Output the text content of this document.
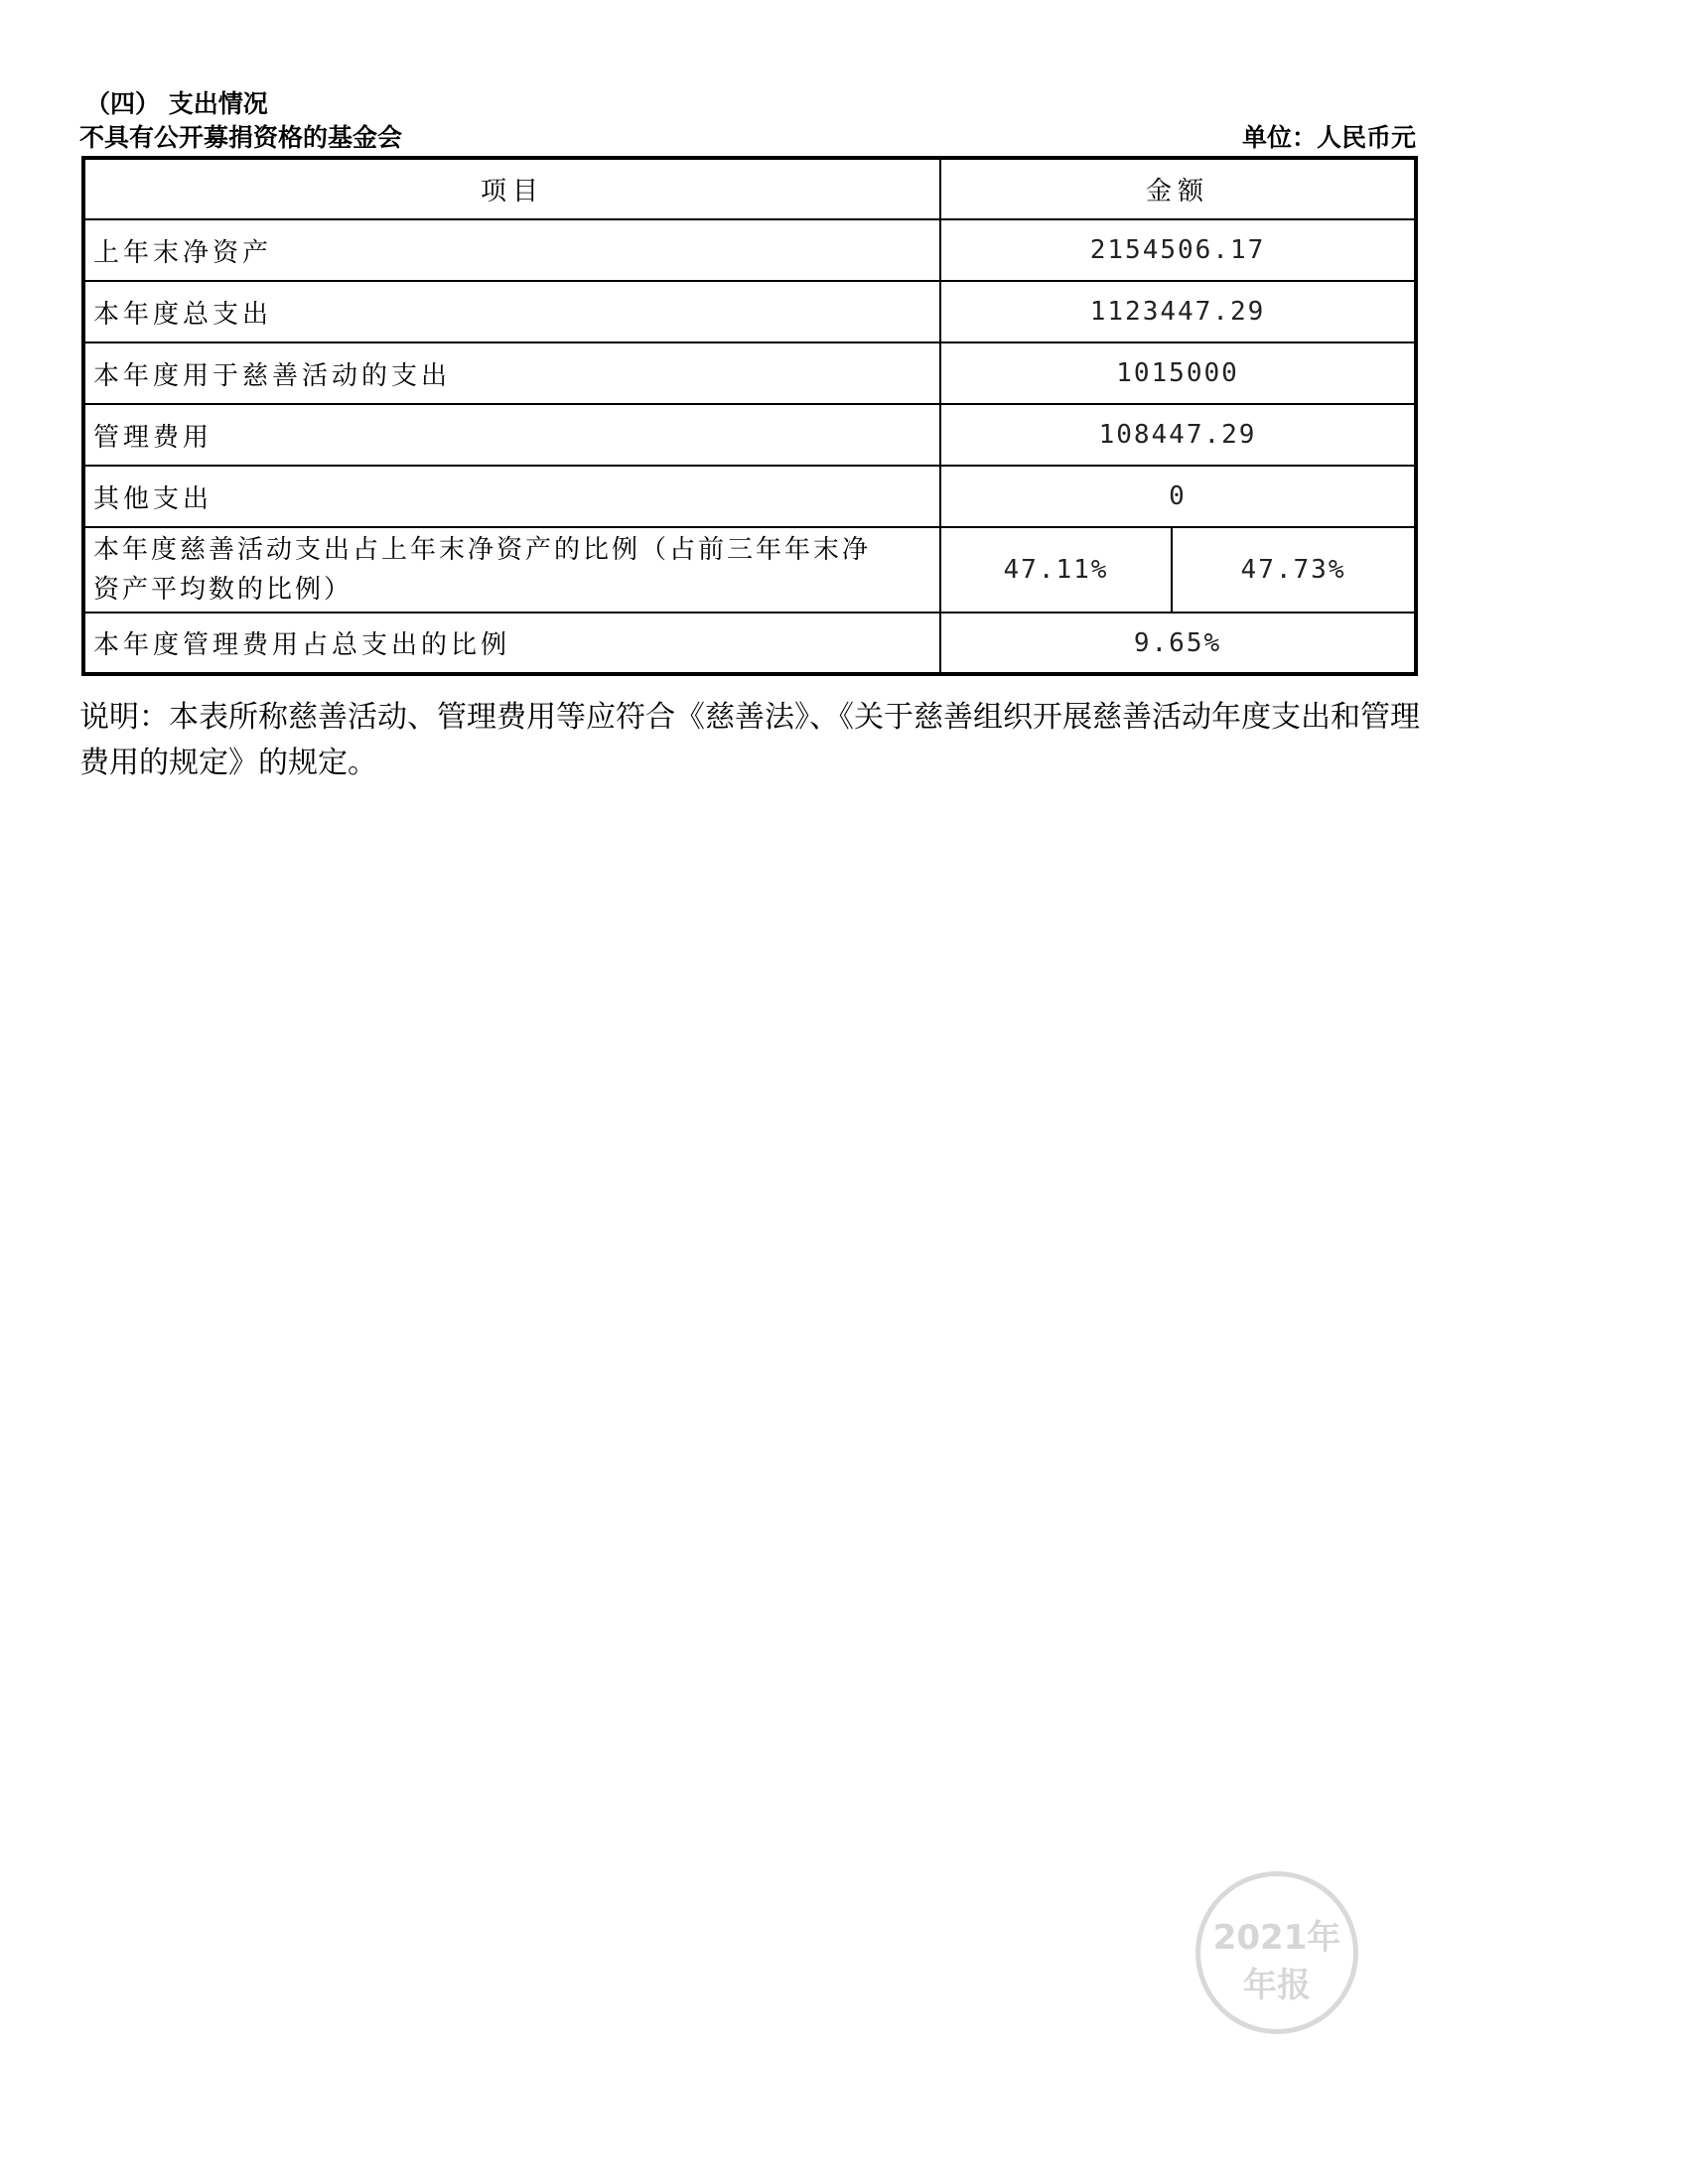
（四） 支出情况
不具有公开募捐资格的基金会	单位：人民币元
项目	金额	
上年末净资产	2154506.17	
本年度总支出	1123447.29	
本年度用于慈善活动的支出	1015000	
管理费用	108447.29	
其他支出	0	

本年度慈善活动支出占上年末净资产的比例（占前三年年末净
资产平均数的比例）	47.11%	47.73%
本年度管理费用占总支出的比例	9.65%	
说明：本表所称慈善活动、管理费用等应符合《慈善法》、《关于慈善组织开展慈善活动年度支出和管理费用的规定》的规定。
2021年
年报
